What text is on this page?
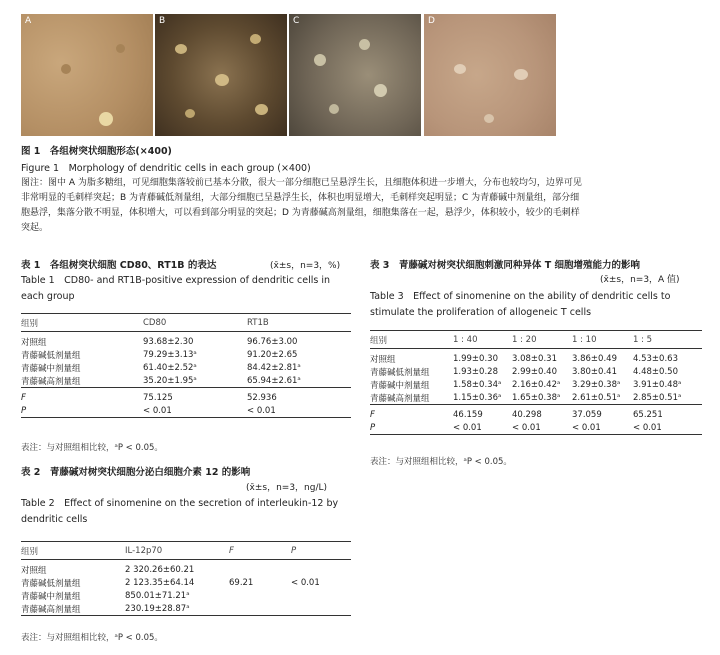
A	B	C	D
图 1　各组树突状细胞形态(×400)
Figure 1　Morphology of dendritic cells in each group (×400)
图注：图中 A 为脂多糖组，可见细胞集落较前已基本分散，很大一部分细胞已呈悬浮生长，且细胞体积进一步增大，分布也较均匀，边界可见
非常明显的毛刺样突起；B 为青藤碱低剂量组，大部分细胞已呈悬浮生长，体积也明显增大，毛刺样突起明显；C 为青藤碱中剂量组，部分细
胞悬浮，集落分散不明显，体积增大，可以看到部分明显的突起；D 为青藤碱高剂量组，细胞集落在一起，悬浮少，体积较小，较少的毛刺样
突起。
表 1　各组树突状细胞 CD80、RT1B 的表达	(x̄±s，n=3，%)
Table 1　CD80- and RT1B-positive expression of dendritic cells in
each group
组别	CD80	RT1B
对照组	93.68±2.30	96.76±3.00
青藤碱低剂量组	79.29±3.13ᵃ	91.20±2.65
青藤碱中剂量组	61.40±2.52ᵃ	84.42±2.81ᵃ
青藤碱高剂量组	35.20±1.95ᵃ	65.94±2.61ᵃ
F	75.125	52.936
P	< 0.01	< 0.01
表注：与对照组相比较，ᵃP < 0.05。
表 2　青藤碱对树突状细胞分泌白细胞介素 12 的影响
(x̄±s，n=3，ng/L)
Table 2　Effect of sinomenine on the secretion of interleukin-12 by
dendritic cells
组别	IL-12p70	F	P
对照组	2 320.26±60.21		
青藤碱低剂量组	2 123.35±64.14	69.21	< 0.01
青藤碱中剂量组	850.01±71.21ᵃ		
青藤碱高剂量组	230.19±28.87ᵃ		
表注：与对照组相比较，ᵃP < 0.05。
表 3　青藤碱对树突状细胞刺激同种异体 T 细胞增殖能力的影响
(x̄±s，n=3，A 值)
Table 3　Effect of sinomenine on the ability of dendritic cells to
stimulate the proliferation of allogeneic T cells
组别	1 : 40	1 : 20	1 : 10	1 : 5
对照组	1.99±0.30	3.08±0.31	3.86±0.49	4.53±0.63
青藤碱低剂量组	1.93±0.28	2.99±0.40	3.80±0.41	4.48±0.50
青藤碱中剂量组	1.58±0.34ᵃ	2.16±0.42ᵃ	3.29±0.38ᵃ	3.91±0.48ᵃ
青藤碱高剂量组	1.15±0.36ᵃ	1.65±0.38ᵃ	2.61±0.51ᵃ	2.85±0.51ᵃ
F	46.159	40.298	37.059	65.251
P	< 0.01	< 0.01	< 0.01	< 0.01
表注：与对照组相比较，ᵃP < 0.05。
